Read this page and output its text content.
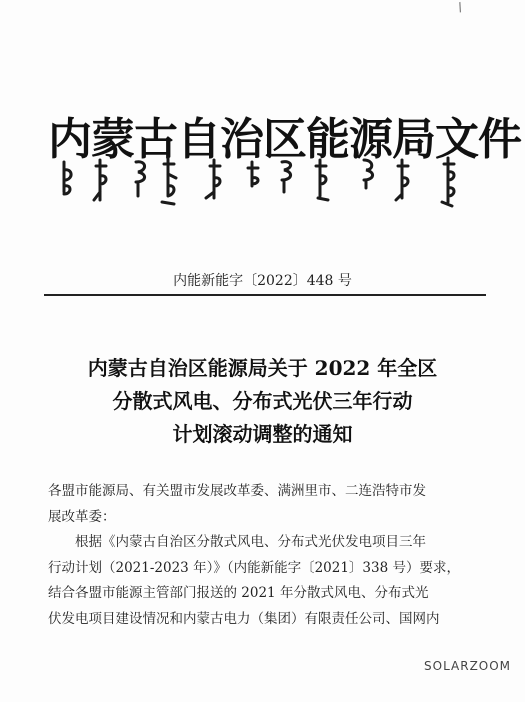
/
内蒙古自治区能源局文件
内能新能字〔2022〕448 号
内蒙古自治区能源局关于 2022 年全区
分散式风电、分布式光伏三年行动
计划滚动调整的通知

各盟市能源局、有关盟市发展改革委、满洲里市、二连浩特市发

展改革委：

　　根据《内蒙古自治区分散式风电、分布式光伏发电项目三年

行动计划（2021-2023 年）》（内能新能字〔2021〕338 号）要求，

结合各盟市能源主管部门报送的 2021 年分散式风电、分布式光

伏发电项目建设情况和内蒙古电力（集团）有限责任公司、国网内

SOLARZOOM
